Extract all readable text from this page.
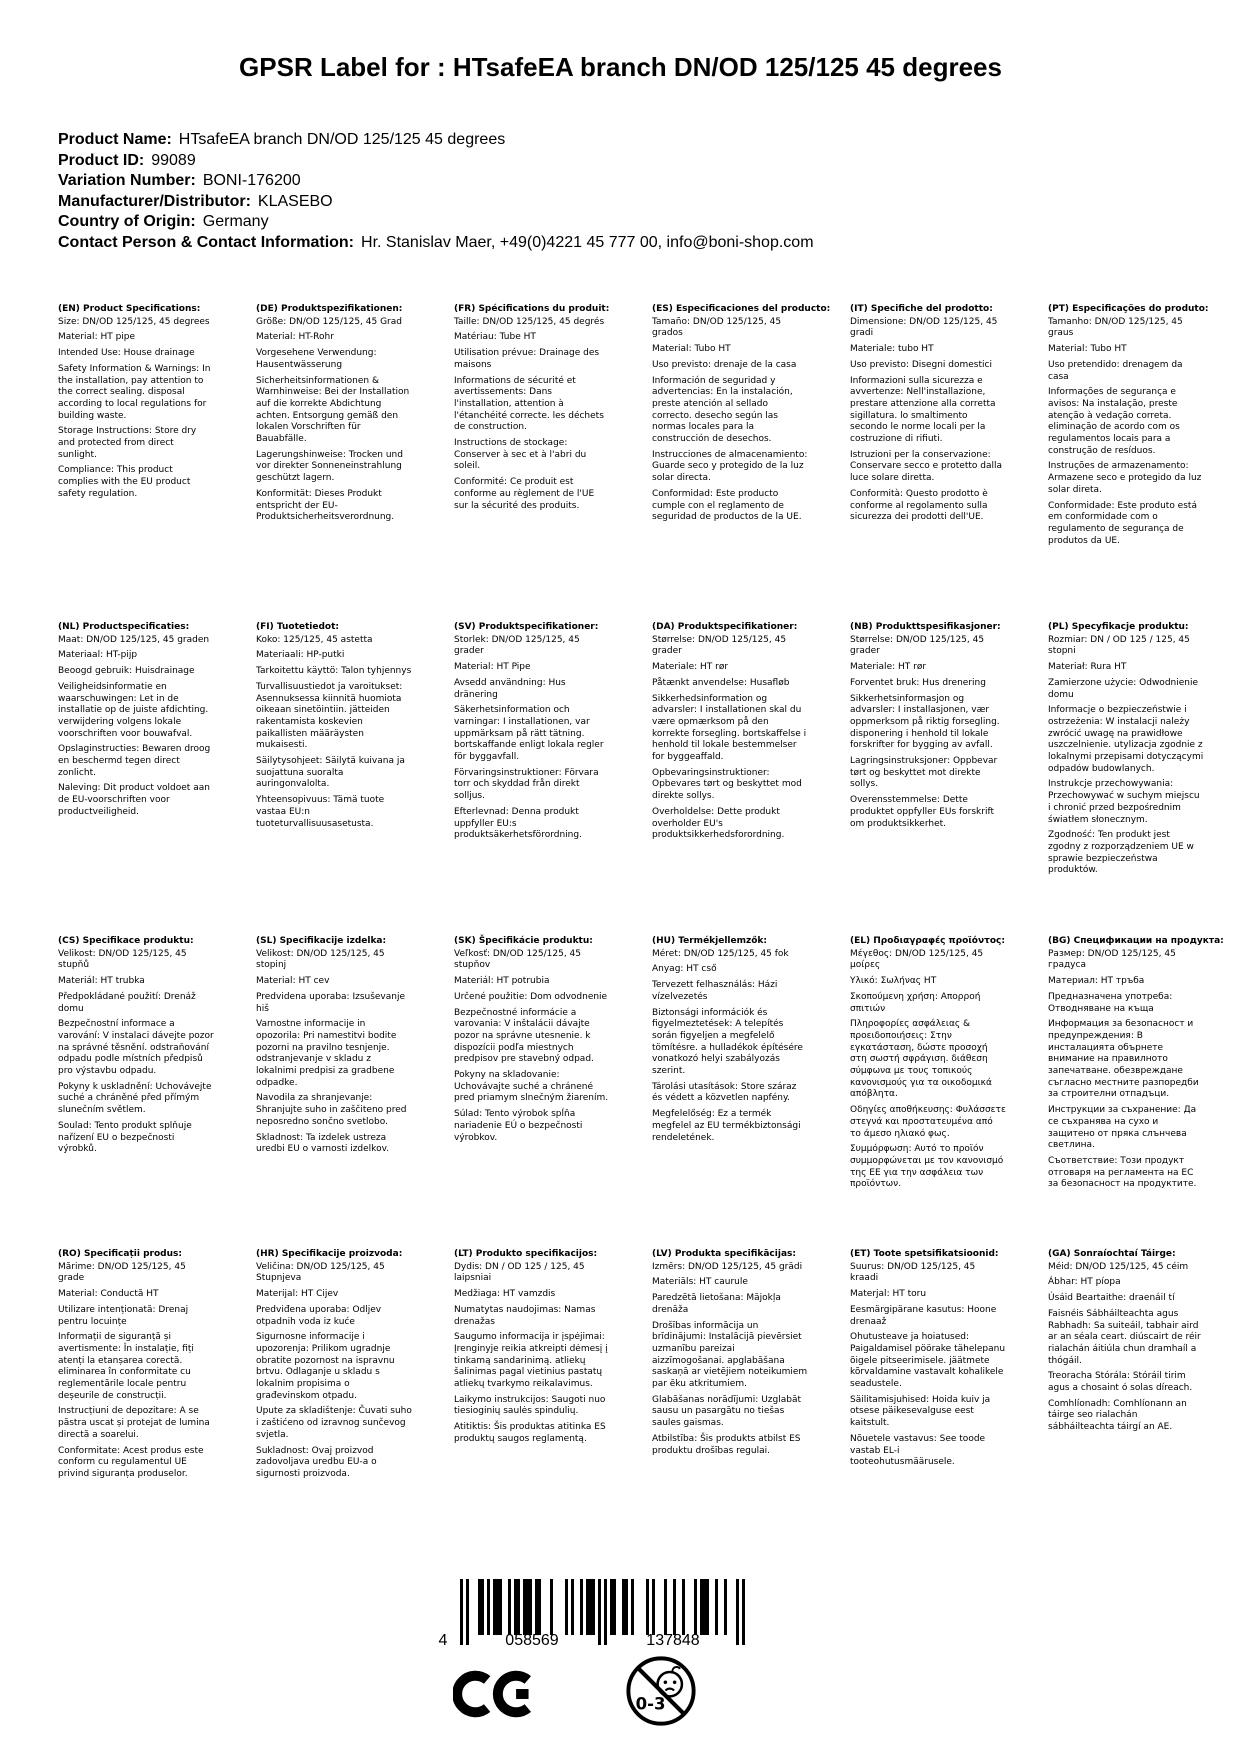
GPSR Label for : HTsafeEA branch DN/OD 125/125 45 degrees
Product Name: HTsafeEA branch DN/OD 125/125 45 degrees
Product ID: 99089
Variation Number: BONI-176200
Manufacturer/Distributor: KLASEBO
Country of Origin: Germany
Contact Person & Contact Information: Hr. Stanislav Maer, +49(0)4221 45 777 00, info@boni-shop.com
(EN) Product Specifications:

Size: DN/OD 125/125, 45 degrees

Material: HT pipe

Intended Use: House drainage

Safety Information & Warnings: In the installation, pay attention to the correct sealing. disposal according to local regulations for building waste.

Storage Instructions: Store dry and protected from direct sunlight.

Compliance: This product complies with the EU product safety regulation.

(DE) Produktspezifikationen:

Größe: DN/OD 125/125, 45 Grad

Material: HT-Rohr

Vorgesehene Verwendung: Hausentwässerung

Sicherheitsinformationen & Warnhinweise: Bei der Installation auf die korrekte Abdichtung achten. Entsorgung gemäß den lokalen Vorschriften für Bauabfälle.

Lagerungshinweise: Trocken und vor direkter Sonneneinstrahlung geschützt lagern.

Konformität: Dieses Produkt entspricht der EU-Produktsicherheitsverordnung.

(FR) Spécifications du produit:

Taille: DN/OD 125/125, 45 degrés

Matériau: Tube HT

Utilisation prévue: Drainage des maisons

Informations de sécurité et avertissements: Dans l'installation, attention à l'étanchéité correcte. les déchets de construction.

Instructions de stockage: Conserver à sec et à l'abri du soleil.

Conformité: Ce produit est conforme au règlement de l'UE sur la sécurité des produits.

(ES) Especificaciones del producto:

Tamaño: DN/OD 125/125, 45 grados

Material: Tubo HT

Uso previsto: drenaje de la casa

Información de seguridad y advertencias: En la instalación, preste atención al sellado correcto. desecho según las normas locales para la construcción de desechos.

Instrucciones de almacenamiento: Guarde seco y protegido de la luz solar directa.

Conformidad: Este producto cumple con el reglamento de seguridad de productos de la UE.

(IT) Specifiche del prodotto:

Dimensione: DN/OD 125/125, 45 gradi

Materiale: tubo HT

Uso previsto: Disegni domestici

Informazioni sulla sicurezza e avvertenze: Nell'installazione, prestare attenzione alla corretta sigillatura. lo smaltimento secondo le norme locali per la costruzione di rifiuti.

Istruzioni per la conservazione: Conservare secco e protetto dalla luce solare diretta.

Conformità: Questo prodotto è conforme al regolamento sulla sicurezza dei prodotti dell'UE.

(PT) Especificações do produto:

Tamanho: DN/OD 125/125, 45 graus

Material: Tubo HT

Uso pretendido: drenagem da casa

Informações de segurança e avisos: Na instalação, preste atenção à vedação correta. eliminação de acordo com os regulamentos locais para a construção de resíduos.

Instruções de armazenamento: Armazene seco e protegido da luz solar direta.

Conformidade: Este produto está em conformidade com o regulamento de segurança de produtos da UE.

(NL) Productspecificaties:

Maat: DN/OD 125/125, 45 graden

Materiaal: HT-pijp

Beoogd gebruik: Huisdrainage

Veiligheidsinformatie en waarschuwingen: Let in de installatie op de juiste afdichting. verwijdering volgens lokale voorschriften voor bouwafval.

Opslaginstructies: Bewaren droog en beschermd tegen direct zonlicht.

Naleving: Dit product voldoet aan de EU-voorschriften voor productveiligheid.

(FI) Tuotetiedot:

Koko: 125/125, 45 astetta

Materiaali: HP-putki

Tarkoitettu käyttö: Talon tyhjennys

Turvallisuustiedot ja varoitukset: Asennuksessa kiinnitä huomiota oikeaan sinetöintiin. jätteiden rakentamista koskevien paikallisten määräysten mukaisesti.

Säilytysohjeet: Säilytä kuivana ja suojattuna suoralta auringonvalolta.

Yhteensopivuus: Tämä tuote vastaa EU:n tuoteturvallisuusasetusta.

(SV) Produktspecifikationer:

Storlek: DN/OD 125/125, 45 grader

Material: HT Pipe

Avsedd användning: Hus dränering

Säkerhetsinformation och varningar: I installationen, var uppmärksam på rätt tätning. bortskaffande enligt lokala regler för byggavfall.

Förvaringsinstruktioner: Förvara torr och skyddad från direkt solljus.

Efterlevnad: Denna produkt uppfyller EU:s produktsäkerhetsförordning.

(DA) Produktspecifikationer:

Størrelse: DN/OD 125/125, 45 grader

Materiale: HT rør

Påtænkt anvendelse: Husafløb

Sikkerhedsinformation og advarsler: I installationen skal du være opmærksom på den korrekte forsegling. bortskaffelse i henhold til lokale bestemmelser for byggeaffald.

Opbevaringsinstruktioner: Opbevares tørt og beskyttet mod direkte sollys.

Overholdelse: Dette produkt overholder EU's produktsikkerhedsforordning.

(NB) Produkttspesifikasjoner:

Størrelse: DN/OD 125/125, 45 grader

Materiale: HT rør

Forventet bruk: Hus drenering

Sikkerhetsinformasjon og advarsler: I installasjonen, vær oppmerksom på riktig forsegling. disponering i henhold til lokale forskrifter for bygging av avfall.

Lagringsinstruksjoner: Oppbevar tørt og beskyttet mot direkte sollys.

Overensstemmelse: Dette produktet oppfyller EUs forskrift om produktsikkerhet.

(PL) Specyfikacje produktu:

Rozmiar: DN / OD 125 / 125, 45 stopni

Materiał: Rura HT

Zamierzone użycie: Odwodnienie domu

Informacje o bezpieczeństwie i ostrzeżenia: W instalacji należy zwrócić uwagę na prawidłowe uszczelnienie. utylizacja zgodnie z lokalnymi przepisami dotyczącymi odpadów budowlanych.

Instrukcje przechowywania: Przechowywać w suchym miejscu i chronić przed bezpośrednim światłem słonecznym.

Zgodność: Ten produkt jest zgodny z rozporządzeniem UE w sprawie bezpieczeństwa produktów.

(CS) Specifikace produktu:

Velikost: DN/OD 125/125, 45 stupňů

Materiál: HT trubka

Předpokládané použití: Drenáž domu

Bezpečnostní informace a varování: V instalaci dávejte pozor na správné těsnění. odstraňování odpadu podle místních předpisů pro výstavbu odpadu.

Pokyny k uskladnění: Uchovávejte suché a chráněné před přímým slunečním světlem.

Soulad: Tento produkt splňuje nařízení EU o bezpečnosti výrobků.

(SL) Specifikacije izdelka:

Velikost: DN/OD 125/125, 45 stopinj

Material: HT cev

Predvidena uporaba: Izsuševanje hiš

Varnostne informacije in opozorila: Pri namestitvi bodite pozorni na pravilno tesnjenje. odstranjevanje v skladu z lokalnimi predpisi za gradbene odpadke.

Navodila za shranjevanje: Shranjujte suho in zaščiteno pred neposredno sončno svetlobo.

Skladnost: Ta izdelek ustreza uredbi EU o varnosti izdelkov.

(SK) Špecifikácie produktu:

Veľkosť: DN/OD 125/125, 45 stupňov

Materiál: HT potrubia

Určené použitie: Dom odvodnenie

Bezpečnostné informácie a varovania: V inštalácii dávajte pozor na správne utesnenie. k dispozícii podľa miestnych predpisov pre stavebný odpad.

Pokyny na skladovanie: Uchovávajte suché a chránené pred priamym slnečným žiarením.

Súlad: Tento výrobok spĺňa nariadenie EÚ o bezpečnosti výrobkov.

(HU) Termékjellemzők:

Méret: DN/OD 125/125, 45 fok

Anyag: HT cső

Tervezett felhasználás: Házi vízelvezetés

Biztonsági információk és figyelmeztetések: A telepítés során figyeljen a megfelelő tömítésre. a hulladékok építésére vonatkozó helyi szabályozás szerint.

Tárolási utasítások: Store száraz és védett a közvetlen napfény.

Megfelelőség: Ez a termék megfelel az EU termékbiztonsági rendeletének.

(EL) Προδιαγραφές προϊόντος:

Μέγεθος: DN/OD 125/125, 45 μοίρες

Υλικό: Σωλήνας HT

Σκοπούμενη χρήση: Απορροή σπιτιών

Πληροφορίες ασφάλειας & προειδοποιήσεις: Στην εγκατάσταση, δώστε προσοχή στη σωστή σφράγιση. διάθεση σύμφωνα με τους τοπικούς κανονισμούς για τα οικοδομικά απόβλητα.

Οδηγίες αποθήκευσης: Φυλάσσετε στεγνά και προστατευμένα από το άμεσο ηλιακό φως.

Συμμόρφωση: Αυτό το προϊόν συμμορφώνεται με τον κανονισμό της ΕΕ για την ασφάλεια των προϊόντων.

(BG) Спецификации на продукта:

Размер: DN/OD 125/125, 45 градуса

Материал: HT тръба

Предназначена употреба: Отводняване на къща

Информация за безопасност и предупреждения: В инсталацията обърнете внимание на правилното запечатване. обезвреждане съгласно местните разпоредби за строителни отпадъци.

Инструкции за съхранение: Да се съхранява на сухо и защитено от пряка слънчева светлина.

Съответствие: Този продукт отговаря на регламента на ЕС за безопасност на продуктите.

(RO) Specificații produs:

Mărime: DN/OD 125/125, 45 grade

Material: Conductă HT

Utilizare intenționată: Drenaj pentru locuințe

Informații de siguranță și avertismente: În instalație, fiți atenți la etanșarea corectă. eliminarea în conformitate cu reglementările locale pentru deșeurile de construcții.

Instrucțiuni de depozitare: A se păstra uscat și protejat de lumina directă a soarelui.

Conformitate: Acest produs este conform cu regulamentul UE privind siguranța produselor.

(HR) Specifikacije proizvoda:

Veličina: DN/OD 125/125, 45 Stupnjeva

Materijal: HT Cijev

Predviđena uporaba: Odljev otpadnih voda iz kuće

Sigurnosne informacije i upozorenja: Prilikom ugradnje obratite pozornost na ispravnu brtvu. Odlaganje u skladu s lokalnim propisima o građevinskom otpadu.

Upute za skladištenje: Čuvati suho i zaštićeno od izravnog sunčevog svjetla.

Sukladnost: Ovaj proizvod zadovoljava uredbu EU-a o sigurnosti proizvoda.

(LT) Produkto specifikacijos:

Dydis: DN / OD 125 / 125, 45 laipsniai

Medžiaga: HT vamzdis

Numatytas naudojimas: Namas drenažas

Saugumo informacija ir įspėjimai: Įrenginyje reikia atkreipti dėmesį į tinkamą sandarinimą. atliekų šalinimas pagal vietinius pastatų atliekų tvarkymo reikalavimus.

Laikymo instrukcijos: Saugoti nuo tiesioginių saulės spindulių.

Atitiktis: Šis produktas atitinka ES produktų saugos reglamentą.

(LV) Produkta specifikācijas:

Izmērs: DN/OD 125/125, 45 grādi

Materiāls: HT caurule

Paredzētā lietošana: Mājokļa drenāža

Drošības informācija un brīdinājumi: Instalācijā pievērsiet uzmanību pareizai aizzīmogošanai. apglabāšana saskaņā ar vietējiem noteikumiem par ēku atkritumiem.

Glabāšanas norādījumi: Uzglabāt sausu un pasargātu no tiešas saules gaismas.

Atbilstība: Šis produkts atbilst ES produktu drošības regulai.

(ET) Toote spetsifikatsioonid:

Suurus: DN/OD 125/125, 45 kraadi

Materjal: HT toru

Eesmärgipärane kasutus: Hoone drenaaž

Ohutusteave ja hoiatused: Paigaldamisel pöörake tähelepanu õigele pitseerimisele. jäätmete kõrvaldamine vastavalt kohalikele seadustele.

Säilitamisjuhised: Hoida kuiv ja otsese päikesevalguse eest kaitstult.

Nõuetele vastavus: See toode vastab EL-i tooteohutusmäärusele.

(GA) Sonraíochtaí Táirge:

Méid: DN/OD 125/125, 45 céim

Ábhar: HT píopa

Úsáid Beartaithe: draenáil tí

Faisnéis Sábháilteachta agus Rabhadh: Sa suiteáil, tabhair aird ar an séala ceart. diúscairt de réir rialachán áitiúla chun dramhaíl a thógáil.

Treoracha Stórála: Stóráil tirim agus a chosaint ó solas díreach.

Comhlíonadh: Comhlíonann an táirge seo rialachán sábháilteachta táirgí an AE.

4	058569	137848
0-3
